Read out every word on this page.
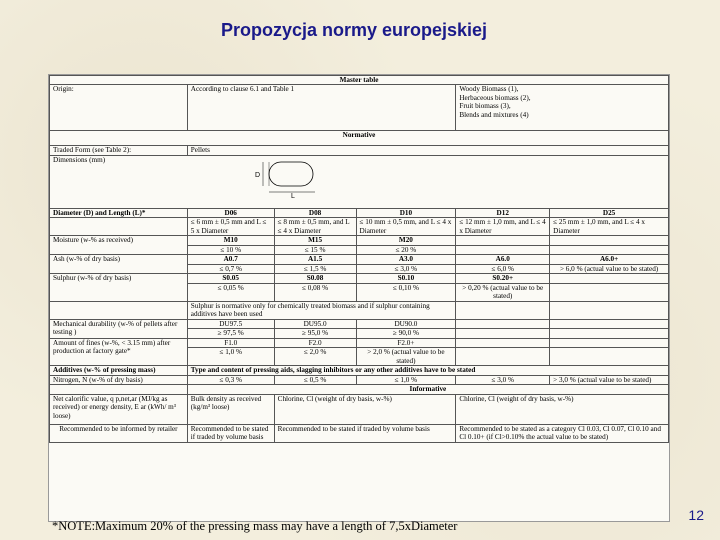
Propozycja normy europejskiej
Master table					
Origin:	According to clause 6.1 and Table 1			Woody Biomass (1),
Herbaceous biomass (2),
Fruit biomass (3),
Blends and mixtures (4)	

Normative					
Traded Form (see Table 2):	Pellets				
Dimensions (mm)
D
L					

Diameter (D) and Length (L)*	D06	D08	D10	D12	D25
	≤ 6 mm ± 0,5 mm and L ≤ 5 x Diameter	≤ 8 mm ± 0,5 mm, and L ≤ 4 x Diameter	≤ 10 mm ± 0,5 mm, and L ≤ 4 x Diameter	≤ 12 mm ± 1,0 mm, and L ≤ 4 x Diameter	≤ 25 mm ± 1,0 mm, and L ≤ 4 x Diameter
Moisture (w-% as received)	M10	M15	M20		
	≤ 10 %	≤ 15 %	≤ 20 %		
Ash (w-% of dry basis)	A0.7	A1.5	A3.0	A6.0	A6.0+
	≤ 0,7 %	≤ 1,5 %	≤ 3,0 %	≤ 6,0 %	> 6,0 % (actual value to be stated)
Sulphur (w-% of dry basis)	S0.05	S0.08	S0.10	S0.20+	
	≤ 0,05 %	≤ 0,08 %	≤ 0,10 %	> 0,20 % (actual value to be stated)	
	Sulphur is normative only for chemically treated biomass and if sulphur containing additives have been used				
Mechanical durability (w-% of pellets after testing )	DU97.5	DU95.0	DU90.0		
	≥ 97,5 %	≥ 95,0 %	≥ 90,0 %		
Amount of fines (w-%, < 3.15 mm) after production at factory gate*	F1.0	F2.0	F2.0+		
	≤ 1,0 %	≤ 2,0 %	> 2,0 % (actual value to be stated)		
Additives (w-% of pressing mass)	Type and content of pressing aids, slagging inhibitors or any other additives have to be stated				
Nitrogen, N (w-% of dry basis)	≤ 0,3 %	≤ 0,5 %	≤ 1,0 %	≤ 3,0 %	> 3,0 % (actual value to be stated)
	Informative				
Net calorific value, q p,net,ar (MJ/kg as received) or energy density, E ar (kWh/ m³ loose)	Bulk density as received (kg/m³ loose)	Chlorine, Cl (weight of dry basis, w-%)		Chlorine, Cl (weight of dry basis, w-%)	
Recommended to be informed by retailer	Recommended to be stated if traded by volume basis	Recommended to be stated if traded by volume basis		Recommended to be stated as a category Cl 0.03, Cl 0.07, Cl 0.10 and Cl 0.10+ (if Cl>0.10% the actual value to be stated)	
*NOTE:Maximum 20% of the pressing mass may have a length of 7,5xDiameter
12
